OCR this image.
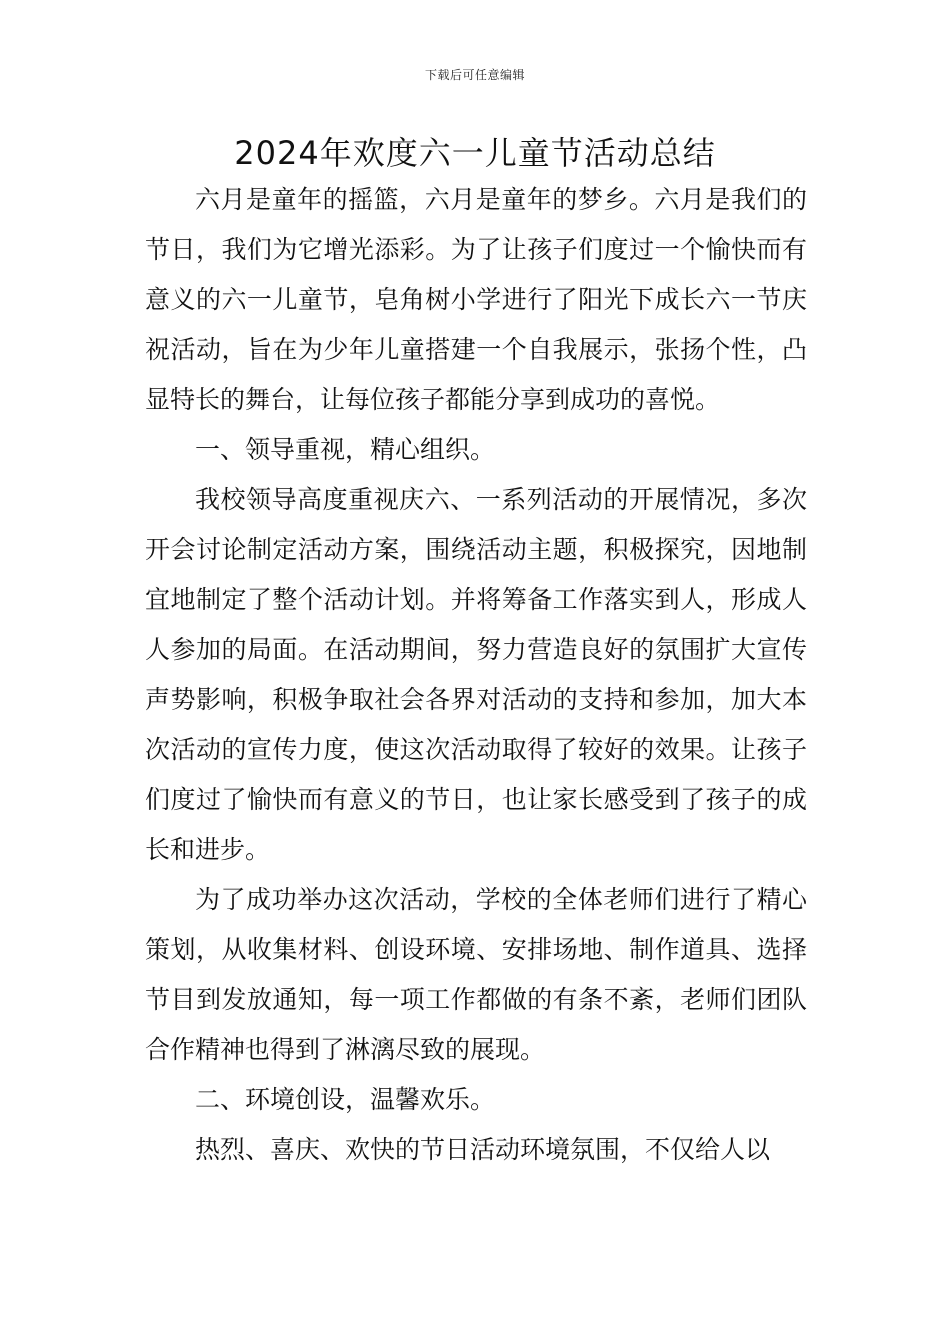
下载后可任意编辑
2024年欢度六一儿童节活动总结

六月是童年的摇篮，六月是童年的梦乡。六月是我们的节日，我们为它增光添彩。为了让孩子们度过一个愉快而有意义的六一儿童节，皂角树小学进行了阳光下成长六一节庆祝活动，旨在为少年儿童搭建一个自我展示，张扬个性，凸显特长的舞台，让每位孩子都能分享到成功的喜悦。

一、领导重视，精心组织。

我校领导高度重视庆六、一系列活动的开展情况，多次开会讨论制定活动方案，围绕活动主题，积极探究，因地制宜地制定了整个活动计划。并将筹备工作落实到人，形成人人参加的局面。在活动期间，努力营造良好的氛围扩大宣传声势影响，积极争取社会各界对活动的支持和参加，加大本次活动的宣传力度，使这次活动取得了较好的效果。让孩子们度过了愉快而有意义的节日，也让家长感受到了孩子的成长和进步。

为了成功举办这次活动，学校的全体老师们进行了精心策划，从收集材料、创设环境、安排场地、制作道具、选择节目到发放通知，每一项工作都做的有条不紊，老师们团队合作精神也得到了淋漓尽致的展现。

二、环境创设，温馨欢乐。

热烈、喜庆、欢快的节日活动环境氛围，不仅给人以
